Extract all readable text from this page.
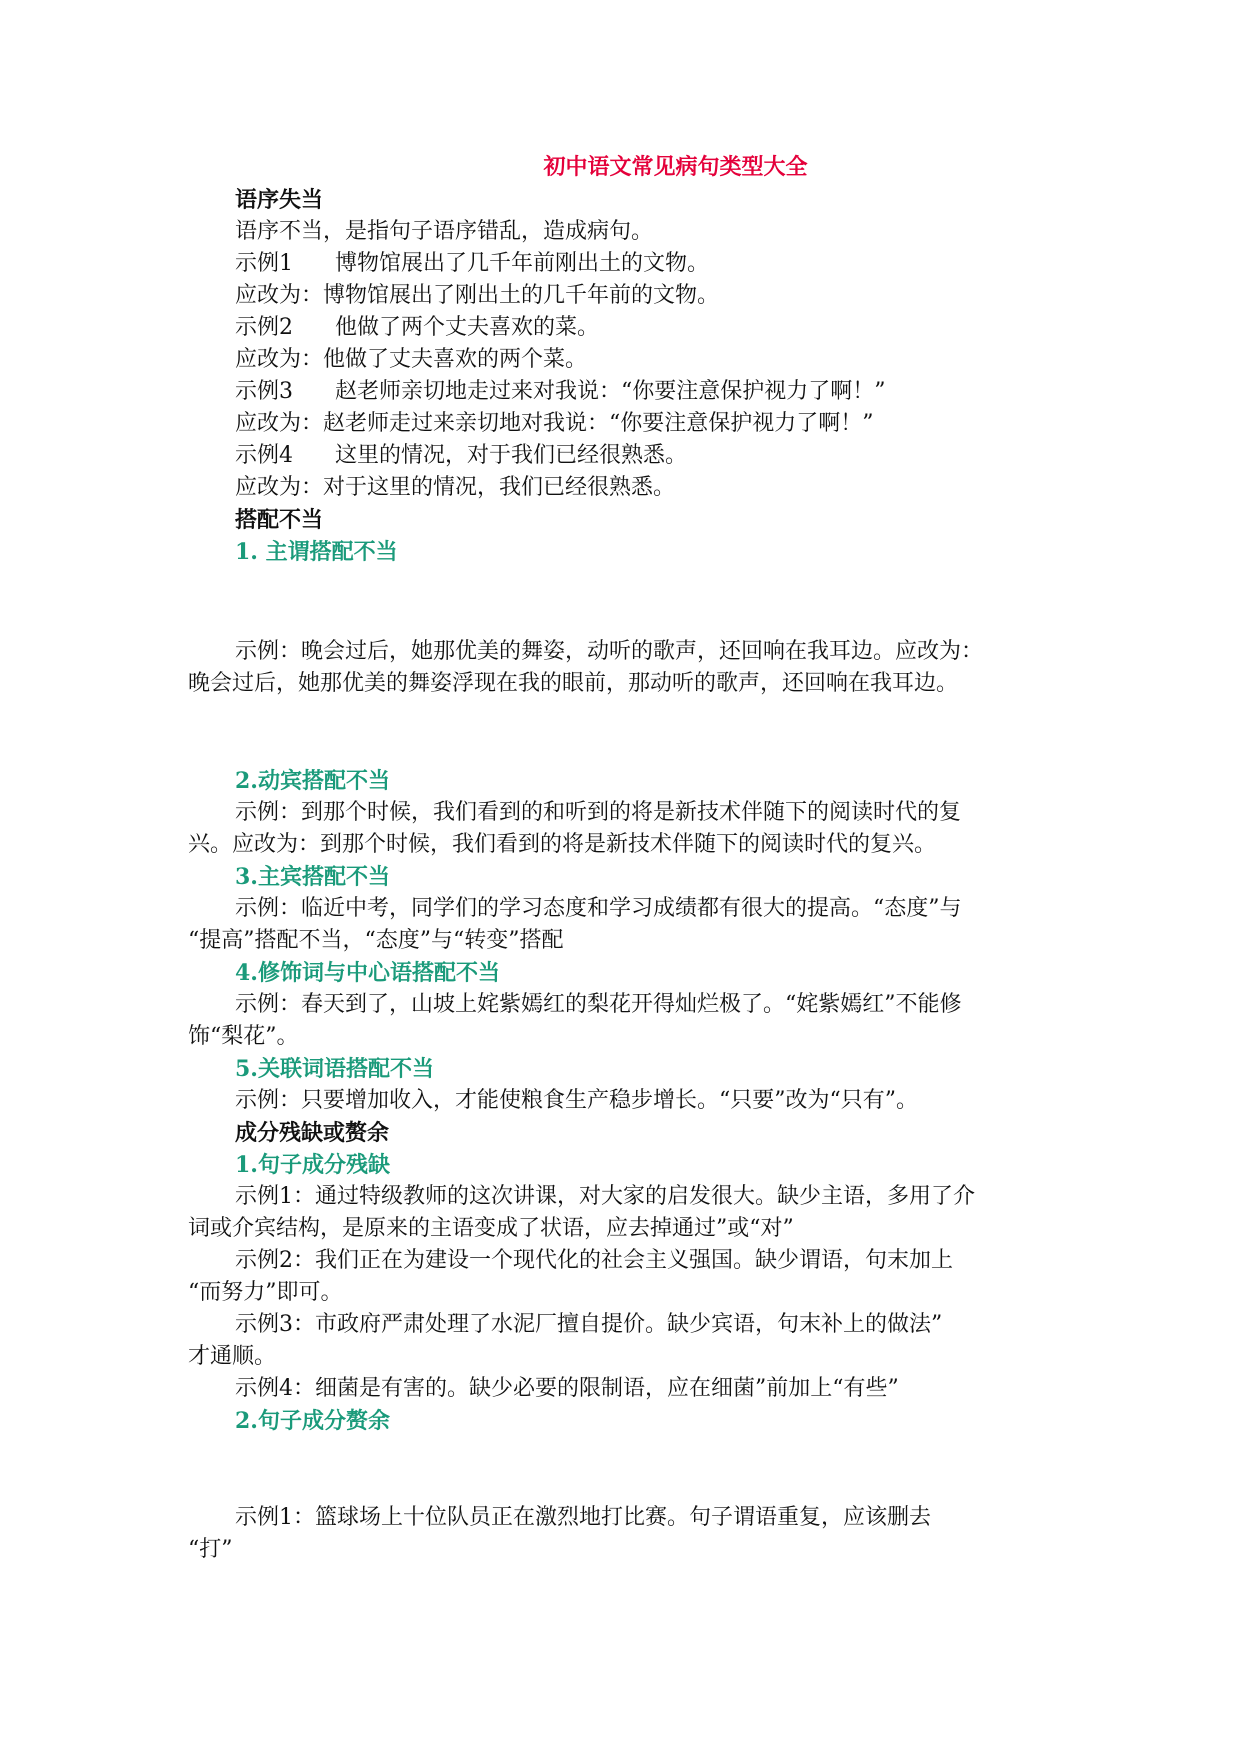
初中语文常见病句类型大全
语序失当
语序不当，是指句子语序错乱，造成病句。
示例1 博物馆展出了几千年前刚出土的文物。
应改为：博物馆展出了刚出土的几千年前的文物。
示例2 他做了两个丈夫喜欢的菜。
应改为：他做了丈夫喜欢的两个菜。
示例3 赵老师亲切地走过来对我说：“你要注意保护视力了啊！”
应改为：赵老师走过来亲切地对我说：“你要注意保护视力了啊！”
示例4 这里的情况，对于我们已经很熟悉。
应改为：对于这里的情况，我们已经很熟悉。
搭配不当
1. 主谓搭配不当
示例：晚会过后，她那优美的舞姿，动听的歌声，还回响在我耳边。应改为：
晚会过后，她那优美的舞姿浮现在我的眼前，那动听的歌声，还回响在我耳边。
2.动宾搭配不当
示例：到那个时候，我们看到的和听到的将是新技术伴随下的阅读时代的复
兴。应改为：到那个时候，我们看到的将是新技术伴随下的阅读时代的复兴。
3.主宾搭配不当
示例：临近中考，同学们的学习态度和学习成绩都有很大的提高。“态度”与
“提高”搭配不当，“态度”与“转变”搭配
4.修饰词与中心语搭配不当
示例：春天到了，山坡上姹紫嫣红的梨花开得灿烂极了。“姹紫嫣红”不能修
饰“梨花”。
5.关联词语搭配不当
示例：只要增加收入，才能使粮食生产稳步增长。“只要”改为“只有”。
成分残缺或赘余
1.句子成分残缺
示例1：通过特级教师的这次讲课，对大家的启发很大。缺少主语，多用了介
词或介宾结构，是原来的主语变成了状语，应去掉通过”或“对”
示例2：我们正在为建设一个现代化的社会主义强国。缺少谓语，句末加上
“而努力”即可。
示例3：市政府严肃处理了水泥厂擅自提价。缺少宾语，句末补上的做法”
才通顺。
示例4：细菌是有害的。缺少必要的限制语，应在细菌”前加上“有些”
2.句子成分赘余
示例1：篮球场上十位队员正在激烈地打比赛。句子谓语重复，应该删去
“打”
